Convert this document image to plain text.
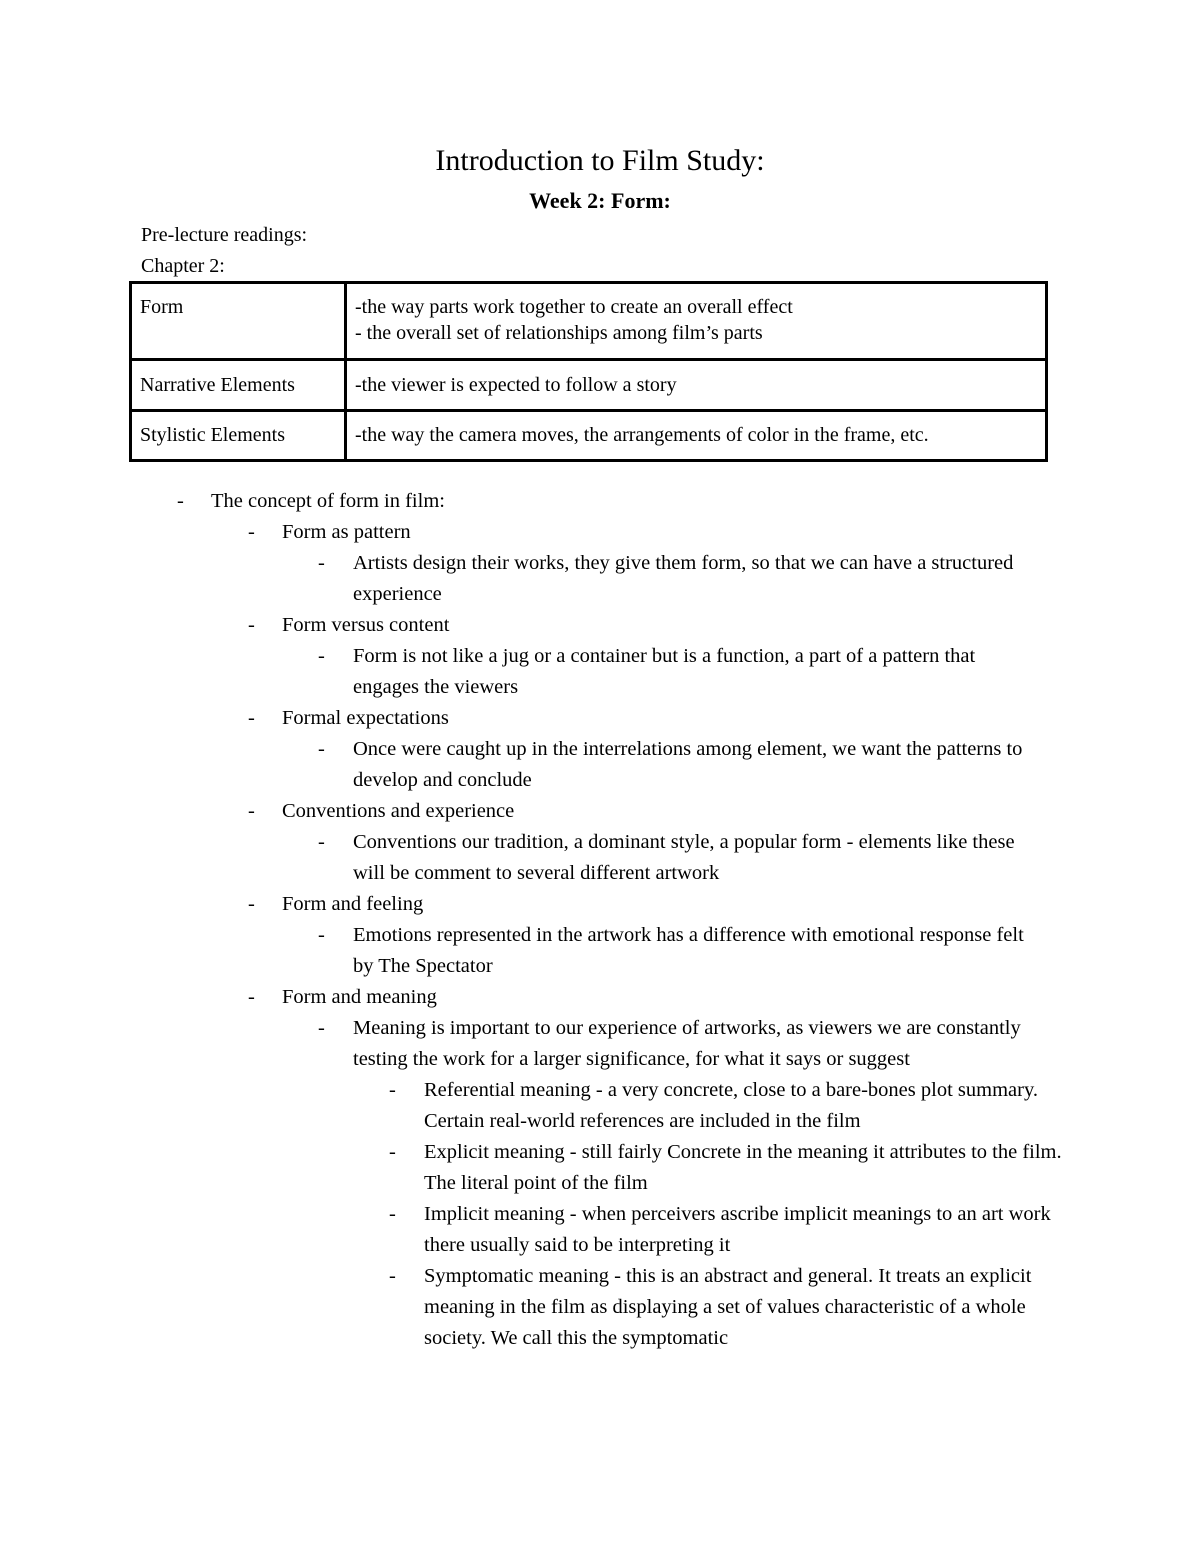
Introduction to Film Study:
Week 2: Form:
Pre-lecture readings:
Chapter 2:
Form	-the way parts work together to create an overall effect
- the overall set of relationships among film’s parts

Narrative Elements	-the viewer is expected to follow a story

Stylistic Elements	-the way the camera moves, the arrangements of color in the frame, etc.
-	The concept of form in film:
-	Form as pattern
-	Artists design their works, they give them form, so that we can have a structured experience
-	Form versus content
-	Form is not like a jug or a container but is a function, a part of a pattern that engages the viewers
-	Formal expectations
-	Once were caught up in the interrelations among element, we want the patterns to develop and conclude
-	Conventions and experience
-	Conventions our tradition, a dominant style, a popular form - elements like these will be comment to several different artwork
-	Form and feeling
-	Emotions represented in the artwork has a difference with emotional response felt by The Spectator
-	Form and meaning
-	Meaning is important to our experience of artworks, as viewers we are constantly testing the work for a larger significance, for what it says or suggest
-	Referential meaning - a very concrete, close to a bare-bones plot summary. Certain real-world references are included in the film
-	Explicit meaning - still fairly Concrete in the meaning it attributes to the film. The literal point of the film
-	Implicit meaning - when perceivers ascribe implicit meanings to an art work there usually said to be interpreting it
-	Symptomatic meaning - this is an abstract and general. It treats an explicit meaning in the film as displaying a set of values characteristic of a whole society. We call this the symptomatic
